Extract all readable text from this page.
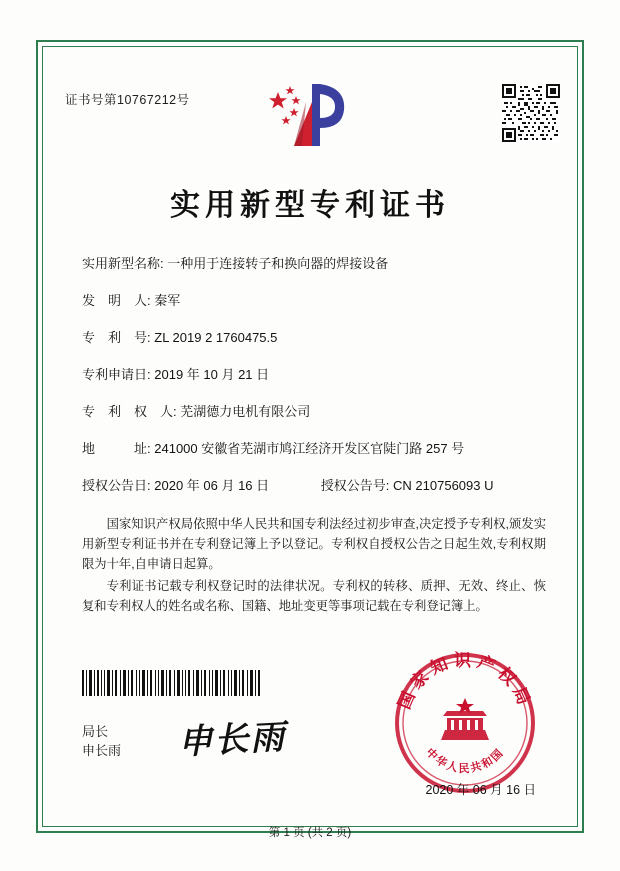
证书号第10767212号
实用新型专利证书
实用新型名称: 一种用于连接转子和换向器的焊接设备
发　明　人: 秦军
专　利　号: ZL 2019 2 1760475.5
专利申请日: 2019 年 10 月 21 日
专　利　权　人: 芜湖德力电机有限公司
地　　　址: 241000 安徽省芜湖市鸠江经济开发区官陡门路 257 号
授权公告日: 2020 年 06 月 16 日	授权公告号: CN 210756093 U

国家知识产权局依照中华人民共和国专利法经过初步审查,决定授予专利权,颁发实用新型专利证书并在专利登记簿上予以登记。专利权自授权公告之日起生效,专利权期限为十年,自申请日起算。

专利证书记载专利权登记时的法律状况。专利权的转移、质押、无效、终止、恢复和专利权人的姓名或名称、国籍、地址变更等事项记载在专利登记簿上。

局长
申长雨 申长雨
国家知识产权局
中华人民共和国
2020 年 06 月 16 日
第 1 页 (共 2 页)
